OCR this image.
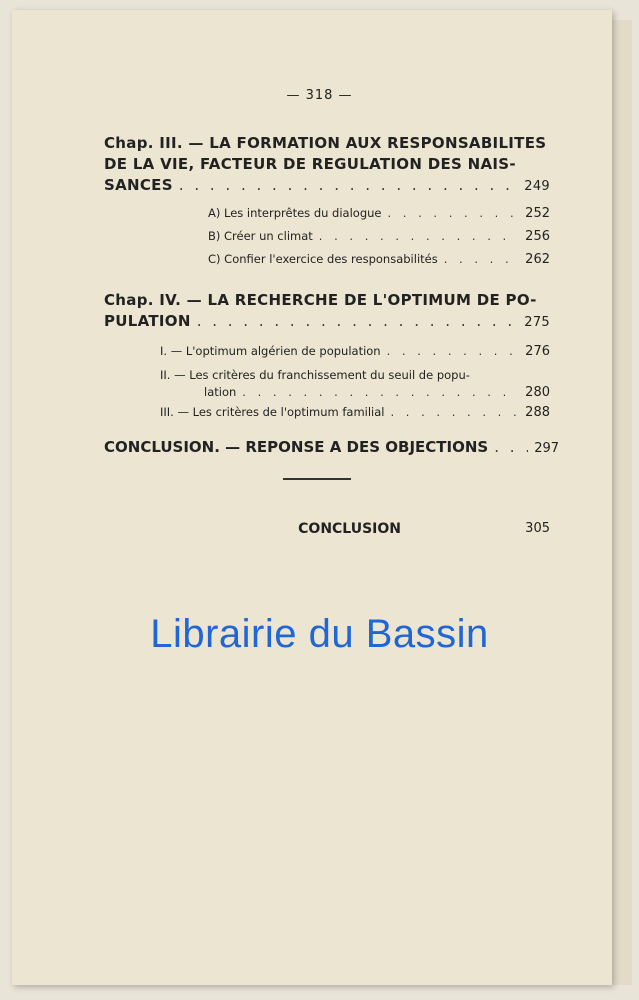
— 318 —
Chap. III. — LA FORMATION AUX RESPONSABILITES
DE LA VIE, FACTEUR DE REGULATION DES NAIS-
SANCES . . .	249
A) Les interprêtes du dialogue . . .	252
B) Créer un climat . . .	256
C) Confier l'exercice des responsabilités . . .	262
Chap. IV. — LA RECHERCHE DE L'OPTIMUM DE PO-
PULATION . . .	275
I. — L'optimum algérien de population . . .	276
II. — Les critères du franchissement du seuil de popu-
lation . . .	280
III. — Les critères de l'optimum familial . . .	288
CONCLUSION. — REPONSE A DES OBJECTIONS . . .	297
CONCLUSION	305
Librairie du Bassin
